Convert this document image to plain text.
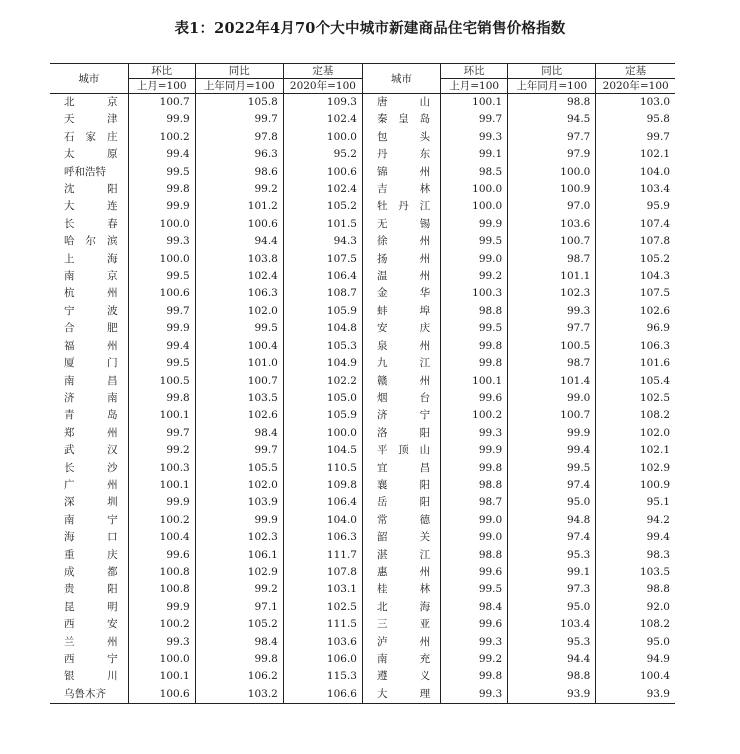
表1：2022年4月70个大中城市新建商品住宅销售价格指数
城市	环比	同比	定基	城市	环比	同比	定基
	上月=100	上年同月=100	2020年=100		上月=100	上年同月=100	2020年=100

北京	100.7	105.8	109.3	唐山	100.1	98.8	103.0

天津	99.9	99.7	102.4	秦皇岛	99.7	94.5	95.8

石家庄	100.2	97.8	100.0	包头	99.3	97.7	99.7

太原	99.4	96.3	95.2	丹东	99.1	97.9	102.1

呼和浩特	99.5	98.6	100.6	锦州	98.5	100.0	104.0

沈阳	99.8	99.2	102.4	吉林	100.0	100.9	103.4

大连	99.9	101.2	105.2	牡丹江	100.0	97.0	95.9

长春	100.0	100.6	101.5	无锡	99.9	103.6	107.4

哈尔滨	99.3	94.4	94.3	徐州	99.5	100.7	107.8

上海	100.0	103.8	107.5	扬州	99.0	98.7	105.2

南京	99.5	102.4	106.4	温州	99.2	101.1	104.3

杭州	100.6	106.3	108.7	金华	100.3	102.3	107.5

宁波	99.7	102.0	105.9	蚌埠	98.8	99.3	102.6

合肥	99.9	99.5	104.8	安庆	99.5	97.7	96.9

福州	99.4	100.4	105.3	泉州	99.8	100.5	106.3

厦门	99.5	101.0	104.9	九江	99.8	98.7	101.6

南昌	100.5	100.7	102.2	赣州	100.1	101.4	105.4

济南	99.8	103.5	105.0	烟台	99.6	99.0	102.5

青岛	100.1	102.6	105.9	济宁	100.2	100.7	108.2

郑州	99.7	98.4	100.0	洛阳	99.3	99.9	102.0

武汉	99.2	99.7	104.5	平顶山	99.9	99.4	102.1

长沙	100.3	105.5	110.5	宜昌	99.8	99.5	102.9

广州	100.1	102.0	109.8	襄阳	98.8	97.4	100.9

深圳	99.9	103.9	106.4	岳阳	98.7	95.0	95.1

南宁	100.2	99.9	104.0	常德	99.0	94.8	94.2

海口	100.4	102.3	106.3	韶关	99.0	97.4	99.4

重庆	99.6	106.1	111.7	湛江	98.8	95.3	98.3

成都	100.8	102.9	107.8	惠州	99.6	99.1	103.5

贵阳	100.8	99.2	103.1	桂林	99.5	97.3	98.8

昆明	99.9	97.1	102.5	北海	98.4	95.0	92.0

西安	100.2	105.2	111.5	三亚	99.6	103.4	108.2

兰州	99.3	98.4	103.6	泸州	99.3	95.3	95.0

西宁	100.0	99.8	106.0	南充	99.2	94.4	94.9

银川	100.1	106.2	115.3	遵义	99.8	98.8	100.4

乌鲁木齐	100.6	103.2	106.6	大理	99.3	93.9	93.9
